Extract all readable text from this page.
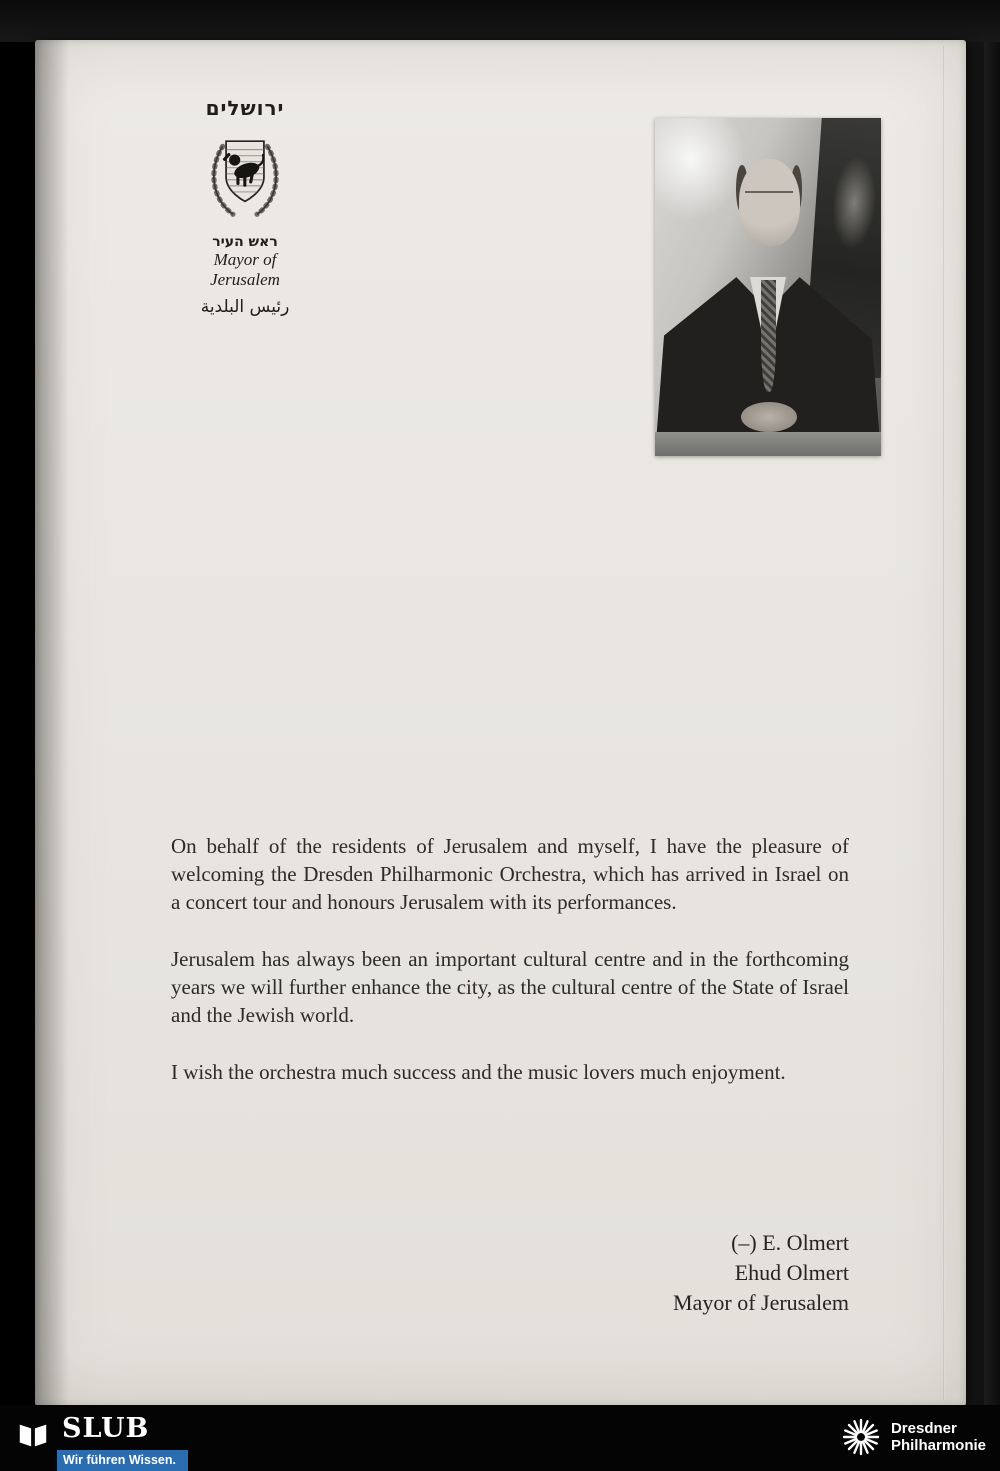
ירושלים
ראש העיר
Mayor of
Jerusalem
رئيس البلدية

On behalf of the residents of Jerusalem and myself, I have the pleasure of welcoming the Dresden Philharmonic Orchestra, which has arrived in Israel on a concert tour and honours Jerusalem with its performances.

Jerusalem has always been an important cultural centre and in the forthcoming years we will further enhance the city, as the cultural centre of the State of Israel and the Jewish world.

I wish the orchestra much success and the music lovers much enjoyment.

(–) E. Olmert
Ehud Olmert
Mayor of Jerusalem
SLUB
Wir führen Wissen.
Dresdner
Philharmonie
